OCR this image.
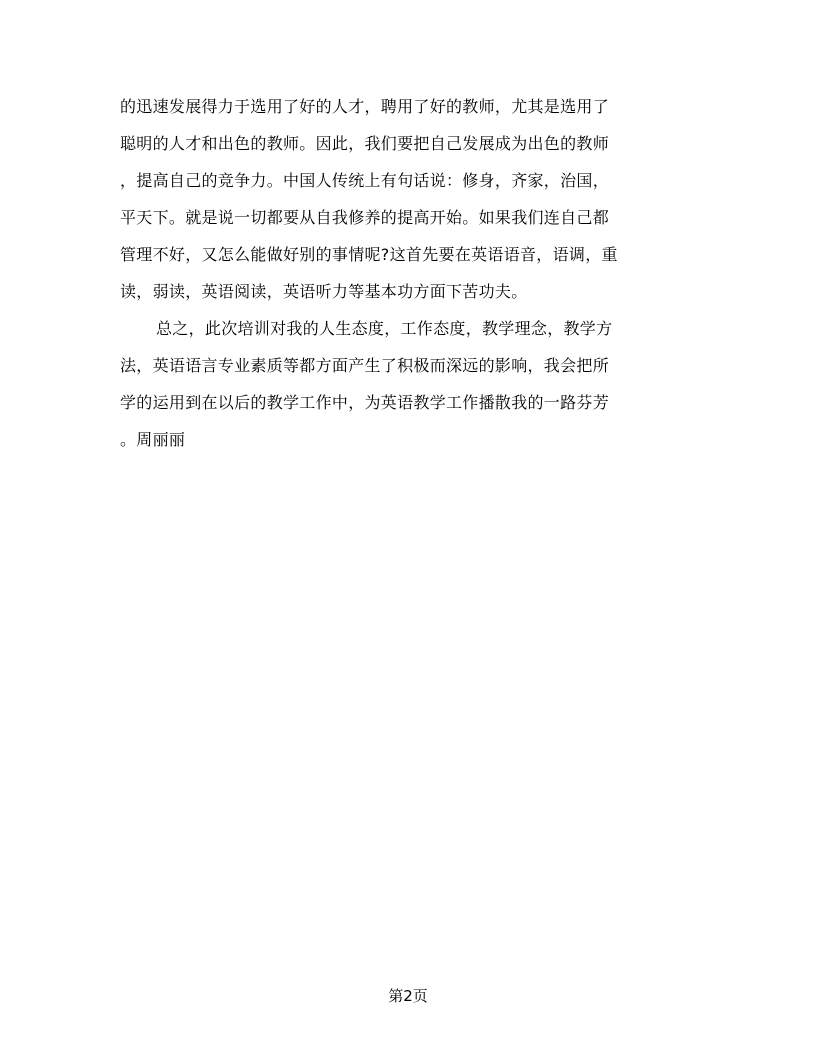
的迅速发展得力于选用了好的人才，聘用了好的教师，尤其是选用了
聪明的人才和出色的教师。因此，我们要把自己发展成为出色的教师
，提高自己的竞争力。中国人传统上有句话说：修身，齐家，治国，
平天下。就是说一切都要从自我修养的提高开始。如果我们连自己都
管理不好，又怎么能做好别的事情呢?这首先要在英语语音，语调，重
读，弱读，英语阅读，英语听力等基本功方面下苦功夫。
总之，此次培训对我的人生态度，工作态度，教学理念，教学方
法，英语语言专业素质等都方面产生了积极而深远的影响，我会把所
学的运用到在以后的教学工作中，为英语教学工作播散我的一路芬芳
。周丽丽
第2页
